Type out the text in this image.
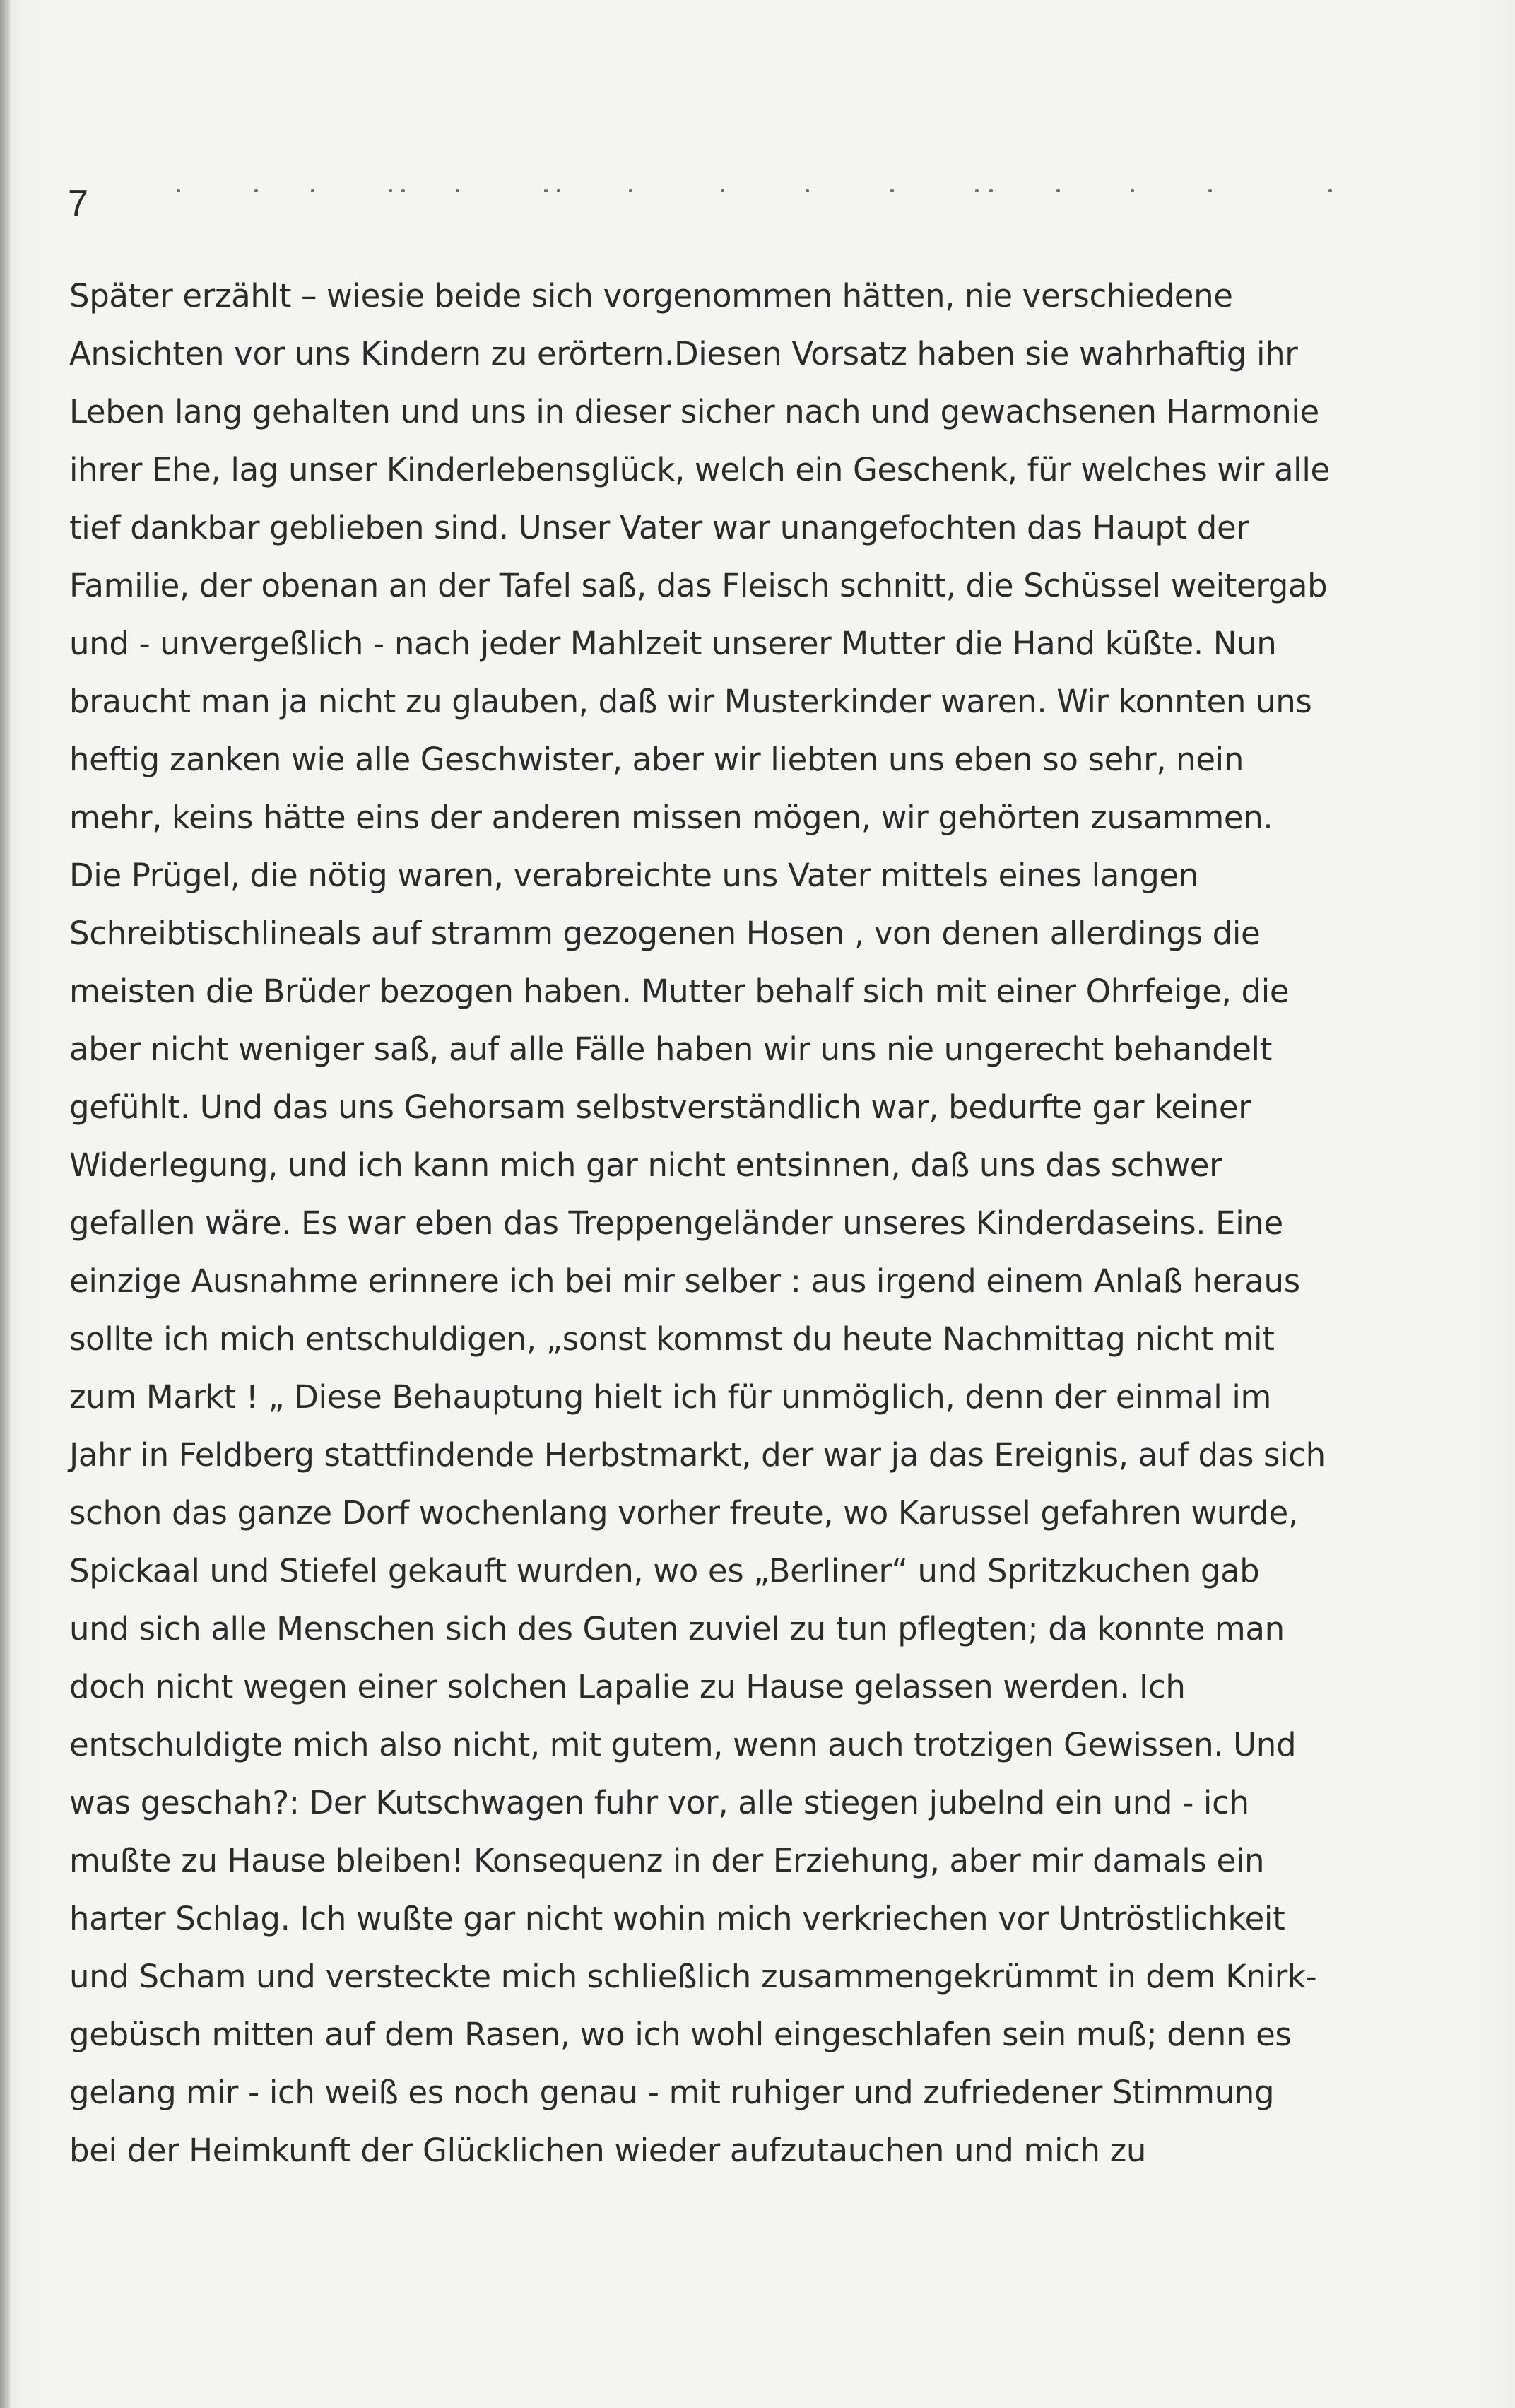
7
Später erzählt – wiesie beide sich vorgenommen hätten, nie verschiedene
Ansichten vor uns Kindern zu erörtern.Diesen Vorsatz haben sie wahrhaftig ihr
Leben lang gehalten und uns in dieser sicher nach und gewachsenen Harmonie
ihrer Ehe, lag unser Kinderlebensglück, welch ein Geschenk, für welches wir alle
tief dankbar geblieben sind. Unser Vater war unangefochten das Haupt der
Familie, der obenan an der Tafel saß, das Fleisch schnitt, die Schüssel weitergab
und - unvergeßlich - nach jeder Mahlzeit unserer Mutter die Hand küßte. Nun
braucht man ja nicht zu glauben, daß wir Musterkinder waren. Wir konnten uns
heftig zanken wie alle Geschwister, aber wir liebten uns eben so sehr, nein
mehr, keins hätte eins der anderen missen mögen, wir gehörten zusammen.
Die Prügel, die nötig waren, verabreichte uns Vater mittels eines langen
Schreibtischlineals auf stramm gezogenen Hosen , von denen allerdings die
meisten die Brüder bezogen haben. Mutter behalf sich mit einer Ohrfeige, die
aber nicht weniger saß, auf alle Fälle haben wir uns nie ungerecht behandelt
gefühlt. Und das uns Gehorsam selbstverständlich war, bedurfte gar keiner
Widerlegung, und ich kann mich gar nicht entsinnen, daß uns das schwer
gefallen wäre. Es war eben das Treppengeländer unseres Kinderdaseins. Eine
einzige Ausnahme erinnere ich bei mir selber : aus irgend einem Anlaß heraus
sollte ich mich entschuldigen, „sonst kommst du heute Nachmittag nicht mit
zum Markt ! „ Diese Behauptung hielt ich für unmöglich, denn der einmal im
Jahr in Feldberg stattfindende Herbstmarkt, der war ja das Ereignis, auf das sich
schon das ganze Dorf wochenlang vorher freute, wo Karussel gefahren wurde,
Spickaal und Stiefel gekauft wurden, wo es „Berliner“ und Spritzkuchen gab
und sich alle Menschen sich des Guten zuviel zu tun pflegten; da konnte man
doch nicht wegen einer solchen Lapalie zu Hause gelassen werden. Ich
entschuldigte mich also nicht, mit gutem, wenn auch trotzigen Gewissen. Und
was geschah?: Der Kutschwagen fuhr vor, alle stiegen jubelnd ein und - ich
mußte zu Hause bleiben! Konsequenz in der Erziehung, aber mir damals ein
harter Schlag. Ich wußte gar nicht wohin mich verkriechen vor Untröstlichkeit
und Scham und versteckte mich schließlich zusammengekrümmt in dem Knirk-
gebüsch mitten auf dem Rasen, wo ich wohl eingeschlafen sein muß; denn es
gelang mir - ich weiß es noch genau - mit ruhiger und zufriedener Stimmung
bei der Heimkunft der Glücklichen wieder aufzutauchen und mich zu
